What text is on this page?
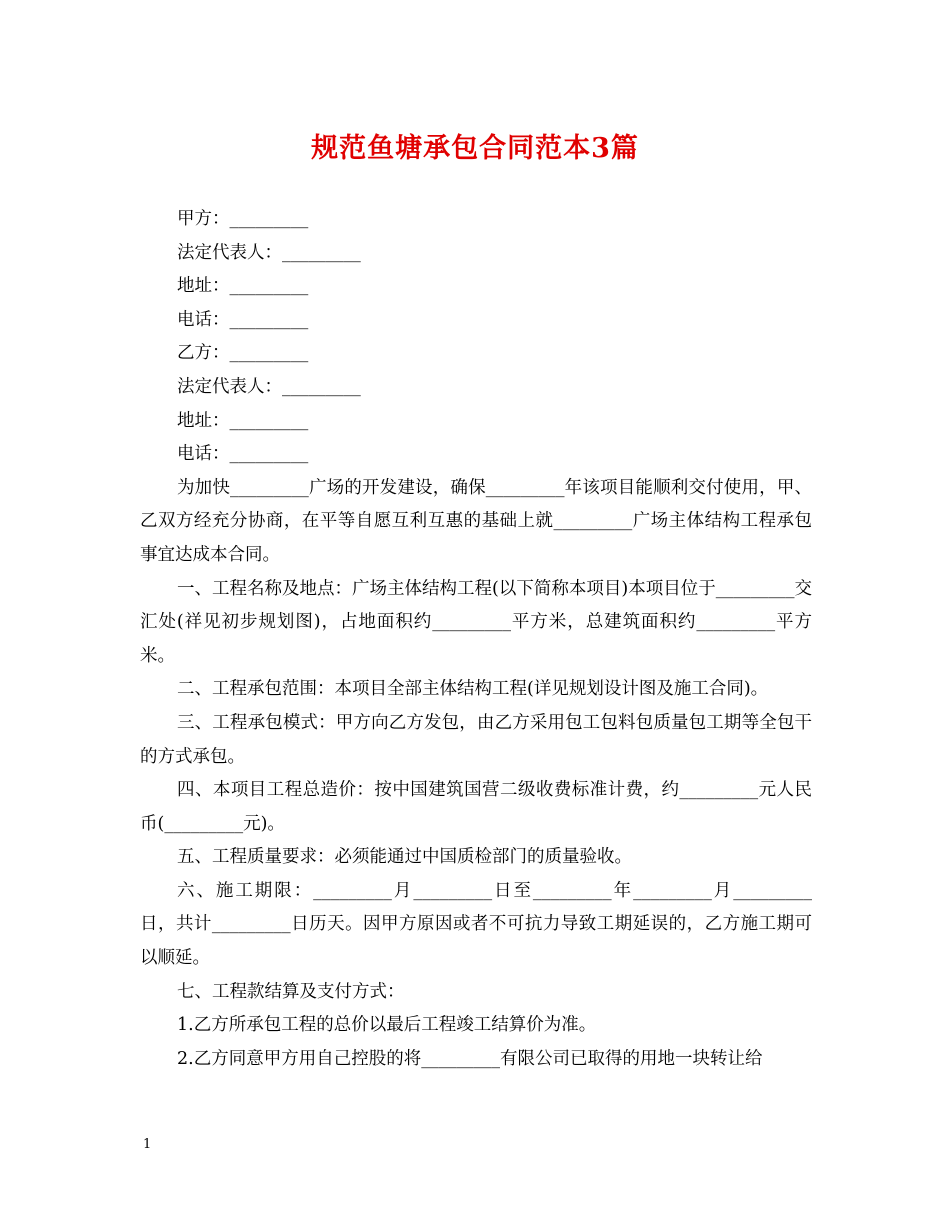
规范鱼塘承包合同范本3篇

甲方：_________

法定代表人：_________

地址：_________

电话：_________

乙方：_________

法定代表人：_________

地址：_________

电话：_________

为加快_________广场的开发建设，确保_________年该项目能顺利交付使用，甲、乙双方经充分协商，在平等自愿互利互惠的基础上就_________广场主体结构工程承包事宜达成本合同。

一、工程名称及地点：广场主体结构工程(以下简称本项目)本项目位于_________交汇处(祥见初步规划图)，占地面积约_________平方米，总建筑面积约_________平方米。

二、工程承包范围：本项目全部主体结构工程(详见规划设计图及施工合同)。

三、工程承包模式：甲方向乙方发包，由乙方采用包工包料包质量包工期等全包干的方式承包。

四、本项目工程总造价：按中国建筑国营二级收费标准计费，约_________元人民币(_________元)。

五、工程质量要求：必须能通过中国质检部门的质量验收。

六、施工期限：_________月_________日至_________年_________月_________日，共计_________日历天。因甲方原因或者不可抗力导致工期延误的，乙方施工期可以顺延。

七、工程款结算及支付方式：

1.乙方所承包工程的总价以最后工程竣工结算价为准。

2.乙方同意甲方用自己控股的将_________有限公司已取得的用地一块转让给

1
